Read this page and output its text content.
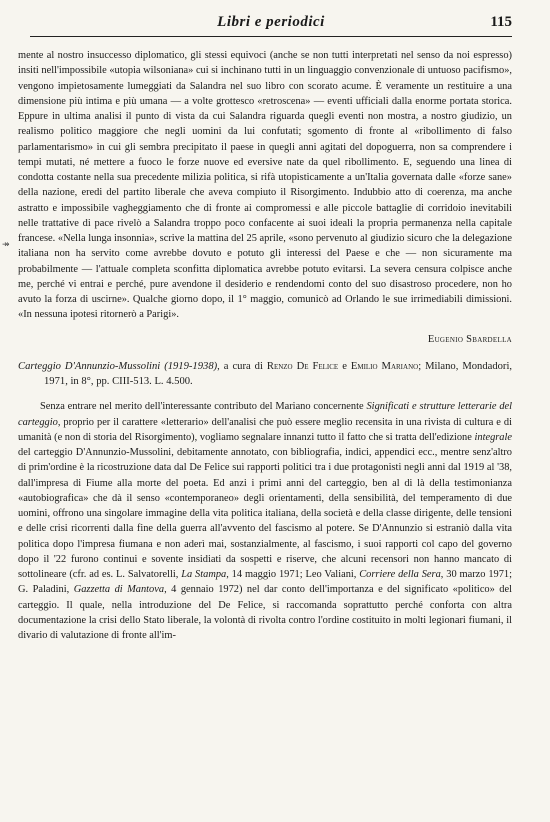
Libri e periodici	115
↠

mente al nostro insuccesso diplomatico, gli stessi equivoci (anche se non tutti interpretati nel senso da noi espresso) insiti nell'impossibile «utopia wilsoniana» cui si inchinano tutti in un linguaggio convenzionale di untuoso pacifismo», vengono impietosamente lumeggiati da Salandra nel suo libro con scorato acume. È veramente un restituire a una dimensione più intima e più umana — a volte grottesco «retroscena» — eventi ufficiali dalla enorme portata storica. Eppure in ultima analisi il punto di vista da cui Salandra riguarda quegli eventi non mostra, a nostro giudizio, un realismo politico maggiore che negli uomini da lui confutati; sgomento di fronte al «ribollimento di falso parlamentarismo» in cui gli sembra precipitato il paese in quegli anni agitati del dopoguerra, non sa comprendere i tempi mutati, né mettere a fuoco le forze nuove ed eversive nate da quel ribollimento. E, seguendo una linea di condotta costante nella sua precedente milizia politica, si rifà utopisticamente a un'Italia governata dalle «forze sane» della nazione, eredi del partito liberale che aveva compiuto il Risorgimento. Indubbio atto di coerenza, ma anche astratto e impossibile vagheggiamento che di fronte ai compromessi e alle piccole battaglie di corridoio inevitabili nelle trattative di pace rivelò a Salandra troppo poco confacente ai suoi ideali la propria permanenza nella capitale francese. «Nella lunga insonnia», scrive la mattina del 25 aprile, «sono pervenuto al giudizio sicuro che la delegazione italiana non ha servito come avrebbe dovuto e potuto gli interessi del Paese e che — non sicuramente ma probabilmente — l'attuale completa sconfitta diplomatica avrebbe potuto evitarsi. La severa censura colpisce anche me, perché vi entrai e perché, pure avendone il desiderio e rendendomi conto del suo disastroso procedere, non ho avuto la forza di uscirne». Qualche giorno dopo, il 1° maggio, comunicò ad Orlando le sue irrimediabili dimissioni. «In nessuna ipotesi ritornerò a Parigi».

Eugenio Sbardella
Carteggio D'Annunzio-Mussolini (1919-1938), a cura di Renzo De Felice e Emilio Mariano; Milano, Mondadori, 1971, in 8°, pp. CIII-513. L. 4.500.

Senza entrare nel merito dell'interessante contributo del Mariano concernente Significati e strutture letterarie del carteggio, proprio per il carattere «letterario» dell'analisi che può essere meglio recensita in una rivista di cultura e di umanità (e non di storia del Risorgimento), vogliamo segnalare innanzi tutto il fatto che si tratta dell'edizione integrale del carteggio D'Annunzio-Mussolini, debitamente annotato, con bibliografia, indici, appendici ecc., mentre senz'altro di prim'ordine è la ricostruzione data dal De Felice sui rapporti politici tra i due protagonisti negli anni dal 1919 al '38, dall'impresa di Fiume alla morte del poeta. Ed anzi i primi anni del carteggio, ben al di là della testimonianza «autobiografica» che dà il senso «contemporaneo» degli orientamenti, della sensibilità, del temperamento di due uomini, offrono una singolare immagine della vita politica italiana, della società e della classe dirigente, delle tensioni e delle crisi ricorrenti dalla fine della guerra all'avvento del fascismo al potere. Se D'Annunzio si estraniò dalla vita politica dopo l'impresa fiumana e non aderì mai, sostanzialmente, al fascismo, i suoi rapporti col capo del governo dopo il '22 furono continui e sovente insidiati da sospetti e riserve, che alcuni recensori non hanno mancato di sottolineare (cfr. ad es. L. Salvatorelli, La Stampa, 14 maggio 1971; Leo Valiani, Corriere della Sera, 30 marzo 1971; G. Paladini, Gazzetta di Mantova, 4 gennaio 1972) nel dar conto dell'importanza e del significato «politico» del carteggio. Il quale, nella introduzione del De Felice, si raccomanda soprattutto perché conforta con altra documentazione la crisi dello Stato liberale, la volontà di rivolta contro l'ordine costituito in molti legionari fiumani, il divario di valutazione di fronte all'im-
